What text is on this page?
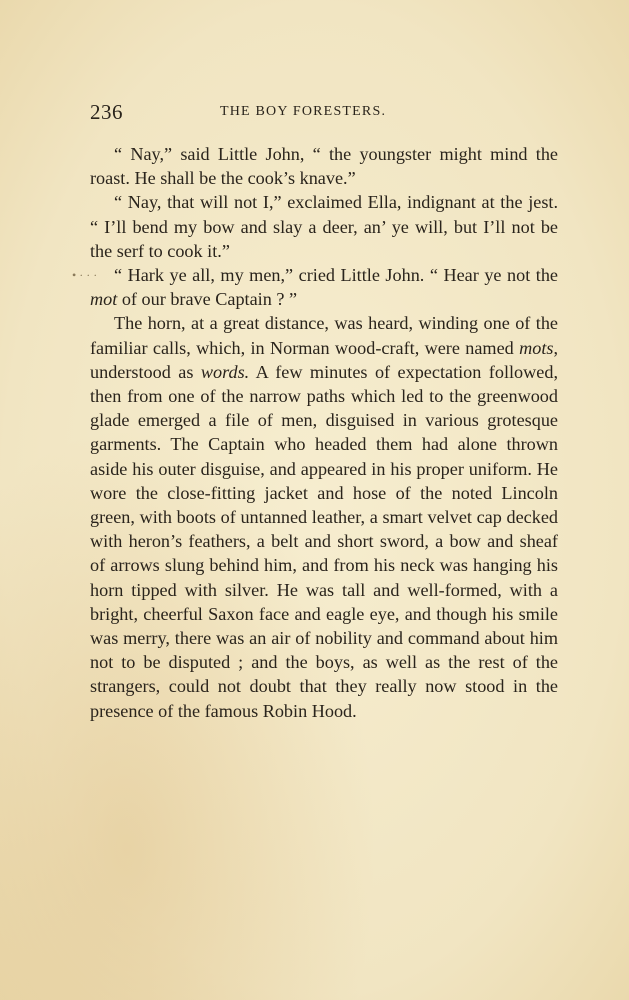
236	THE BOY FORESTERS.
• · · ·

“ Nay,” said Little John, “ the youngster might mind the roast. He shall be the cook’s knave.”

“ Nay, that will not I,” exclaimed Ella, indignant at the jest. “ I’ll bend my bow and slay a deer, an’ ye will, but I’ll not be the serf to cook it.”

“ Hark ye all, my men,” cried Little John. “ Hear ye not the mot of our brave Captain ? ”

The horn, at a great distance, was heard, winding one of the familiar calls, which, in Norman wood-craft, were named mots, understood as words. A few minutes of expectation followed, then from one of the narrow paths which led to the greenwood glade emerged a file of men, disguised in various grotesque garments. The Captain who headed them had alone thrown aside his outer disguise, and appeared in his proper uniform. He wore the close-fitting jacket and hose of the noted Lincoln green, with boots of untanned leather, a smart velvet cap decked with heron’s feathers, a belt and short sword, a bow and sheaf of arrows slung behind him, and from his neck was hanging his horn tipped with silver. He was tall and well-formed, with a bright, cheerful Saxon face and eagle eye, and though his smile was merry, there was an air of nobility and command about him not to be disputed ; and the boys, as well as the rest of the strangers, could not doubt that they really now stood in the presence of the famous Robin Hood.
